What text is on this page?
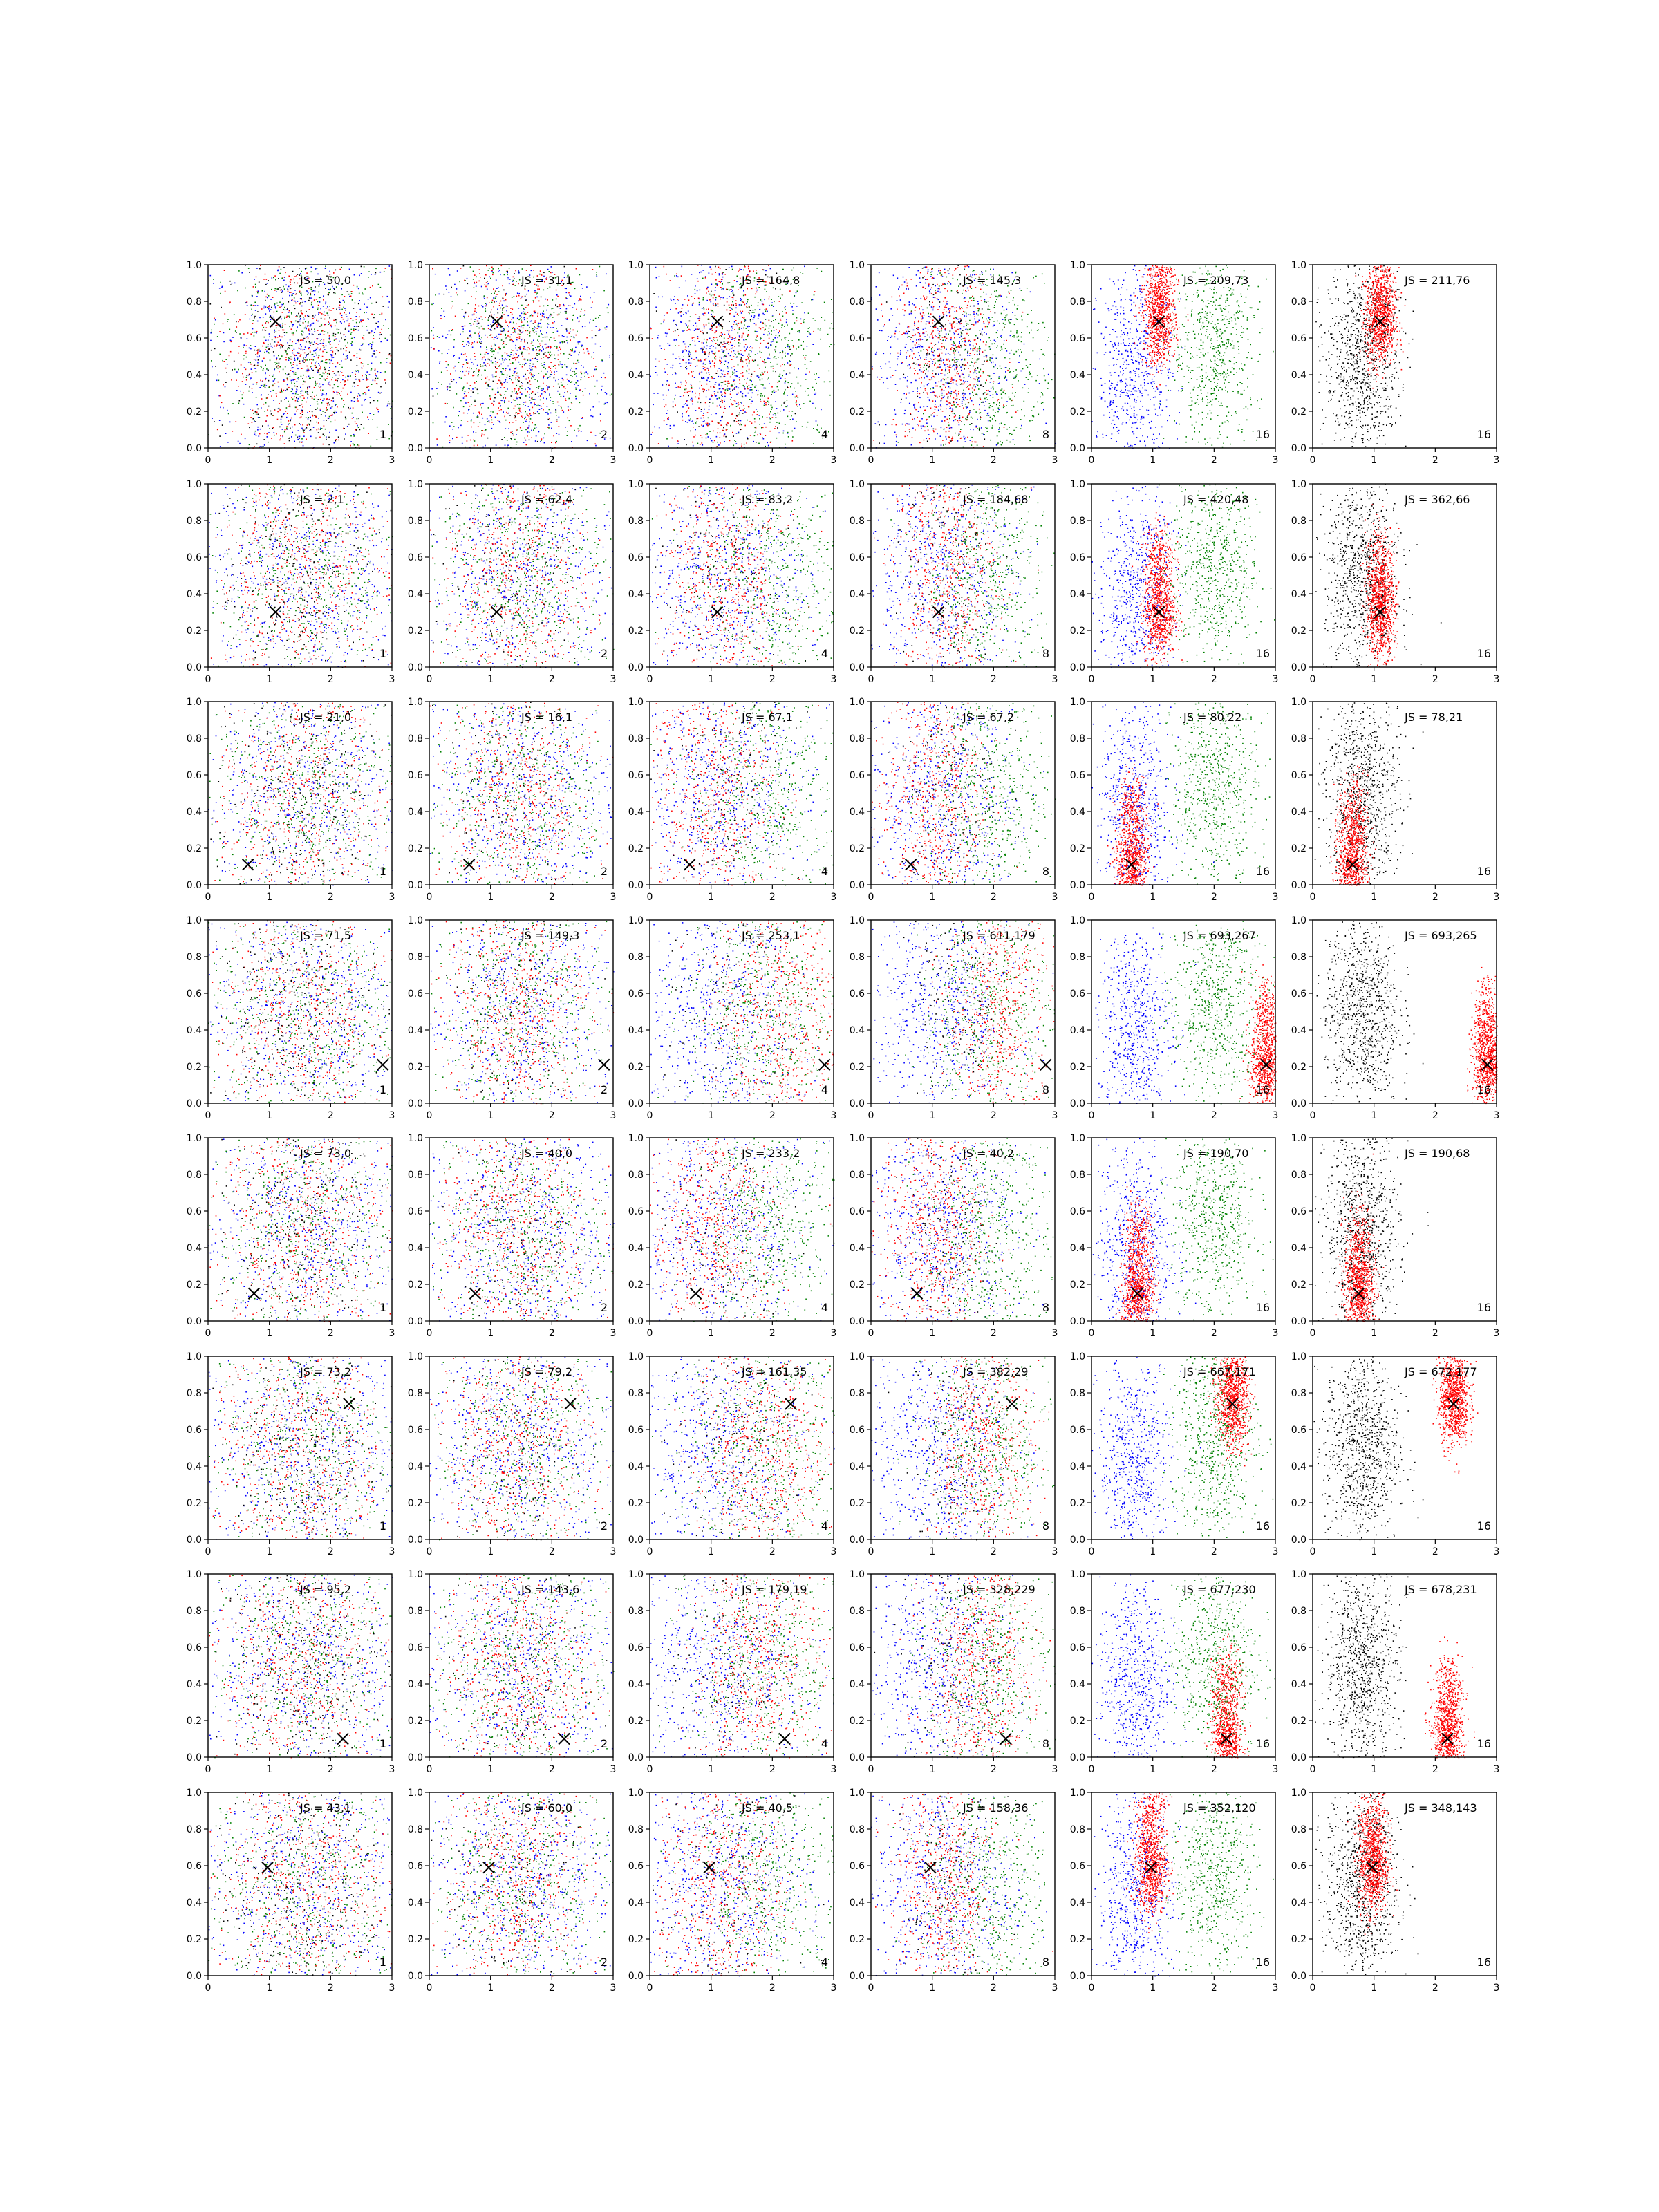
0	1	2	3
0.0
0.2
0.4
0.6
0.8
1.0
JS = 50,0
1
0	1	2	3
0.0
0.2
0.4
0.6
0.8
1.0
JS = 31,1
2
0	1	2	3
0.0
0.2
0.4
0.6
0.8
1.0
JS = 164,8
4
0	1	2	3
0.0
0.2
0.4
0.6
0.8
1.0
JS = 145,3
8
0	1	2	3
0.0
0.2
0.4
0.6
0.8
1.0
JS = 209,73
16
0	1	2	3
0.0
0.2
0.4
0.6
0.8
1.0
JS = 211,76
16
0	1	2	3
0.0
0.2
0.4
0.6
0.8
1.0
JS = 2,1
1
0	1	2	3
0.0
0.2
0.4
0.6
0.8
1.0
JS = 62,4
2
0	1	2	3
0.0
0.2
0.4
0.6
0.8
1.0
JS = 83,2
4
0	1	2	3
0.0
0.2
0.4
0.6
0.8
1.0
JS = 184,68
8
0	1	2	3
0.0
0.2
0.4
0.6
0.8
1.0
JS = 420,48
16
0	1	2	3
0.0
0.2
0.4
0.6
0.8
1.0
JS = 362,66
16
0	1	2	3
0.0
0.2
0.4
0.6
0.8
1.0
JS = 21,0
1
0	1	2	3
0.0
0.2
0.4
0.6
0.8
1.0
JS = 16,1
2
0	1	2	3
0.0
0.2
0.4
0.6
0.8
1.0
JS = 67,1
4
0	1	2	3
0.0
0.2
0.4
0.6
0.8
1.0
JS = 67,2
8
0	1	2	3
0.0
0.2
0.4
0.6
0.8
1.0
JS = 80,22
16
0	1	2	3
0.0
0.2
0.4
0.6
0.8
1.0
JS = 78,21
16
0	1	2	3
0.0
0.2
0.4
0.6
0.8
1.0
JS = 71,5
1
0	1	2	3
0.0
0.2
0.4
0.6
0.8
1.0
JS = 149,3
2
0	1	2	3
0.0
0.2
0.4
0.6
0.8
1.0
JS = 253,1
4
0	1	2	3
0.0
0.2
0.4
0.6
0.8
1.0
JS = 611,179
8
0	1	2	3
0.0
0.2
0.4
0.6
0.8
1.0
JS = 693,267
16
0	1	2	3
0.0
0.2
0.4
0.6
0.8
1.0
JS = 693,265
16
0	1	2	3
0.0
0.2
0.4
0.6
0.8
1.0
JS = 73,0
1
0	1	2	3
0.0
0.2
0.4
0.6
0.8
1.0
JS = 40,0
2
0	1	2	3
0.0
0.2
0.4
0.6
0.8
1.0
JS = 233,2
4
0	1	2	3
0.0
0.2
0.4
0.6
0.8
1.0
JS = 40,2
8
0	1	2	3
0.0
0.2
0.4
0.6
0.8
1.0
JS = 190,70
16
0	1	2	3
0.0
0.2
0.4
0.6
0.8
1.0
JS = 190,68
16
0	1	2	3
0.0
0.2
0.4
0.6
0.8
1.0
JS = 73,2
1
0	1	2	3
0.0
0.2
0.4
0.6
0.8
1.0
JS = 79,2
2
0	1	2	3
0.0
0.2
0.4
0.6
0.8
1.0
JS = 161,35
4
0	1	2	3
0.0
0.2
0.4
0.6
0.8
1.0
JS = 382,29
8
0	1	2	3
0.0
0.2
0.4
0.6
0.8
1.0
JS = 667,171
16
0	1	2	3
0.0
0.2
0.4
0.6
0.8
1.0
JS = 672,177
16
0	1	2	3
0.0
0.2
0.4
0.6
0.8
1.0
JS = 95,2
1
0	1	2	3
0.0
0.2
0.4
0.6
0.8
1.0
JS = 143,6
2
0	1	2	3
0.0
0.2
0.4
0.6
0.8
1.0
JS = 179,19
4
0	1	2	3
0.0
0.2
0.4
0.6
0.8
1.0
JS = 328,229
8
0	1	2	3
0.0
0.2
0.4
0.6
0.8
1.0
JS = 677,230
16
0	1	2	3
0.0
0.2
0.4
0.6
0.8
1.0
JS = 678,231
16
0	1	2	3
0.0
0.2
0.4
0.6
0.8
1.0
JS = 43,1
1
0	1	2	3
0.0
0.2
0.4
0.6
0.8
1.0
JS = 60,0
2
0	1	2	3
0.0
0.2
0.4
0.6
0.8
1.0
JS = 40,5
4
0	1	2	3
0.0
0.2
0.4
0.6
0.8
1.0
JS = 158,36
8
0	1	2	3
0.0
0.2
0.4
0.6
0.8
1.0
JS = 352,120
16
0	1	2	3
0.0
0.2
0.4
0.6
0.8
1.0
JS = 348,143
16
